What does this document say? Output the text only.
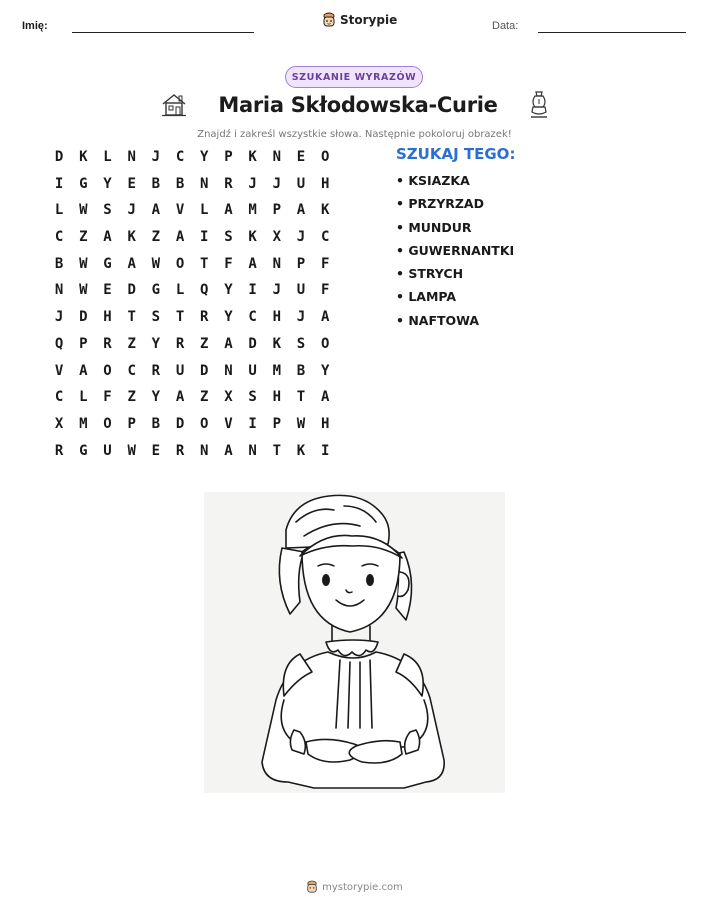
Imię:	Storypie	Data:
SZUKANIE WYRAZÓW
Maria Skłodowska-Curie
Znajdź i zakreśl wszystkie słowa. Następnie pokoloruj obrazek!
D	K	L	N	J	C	Y	P	K	N	E	O
I	G	Y	E	B	B	N	R	J	J	U	H
L	W	S	J	A	V	L	A	M	P	A	K
C	Z	A	K	Z	A	I	S	K	X	J	C
B	W	G	A	W	O	T	F	A	N	P	F
N	W	E	D	G	L	Q	Y	I	J	U	F
J	D	H	T	S	T	R	Y	C	H	J	A
Q	P	R	Z	Y	R	Z	A	D	K	S	O
V	A	O	C	R	U	D	N	U	M	B	Y
C	L	F	Z	Y	A	Z	X	S	H	T	A
X	M	O	P	B	D	O	V	I	P	W	H
R	G	U	W	E	R	N	A	N	T	K	I
SZUKAJ TEGO:
• KSIAZKA
• PRZYRZAD
• MUNDUR
• GUWERNANTKI
• STRYCH
• LAMPA
• NAFTOWA
mystorypie.com
